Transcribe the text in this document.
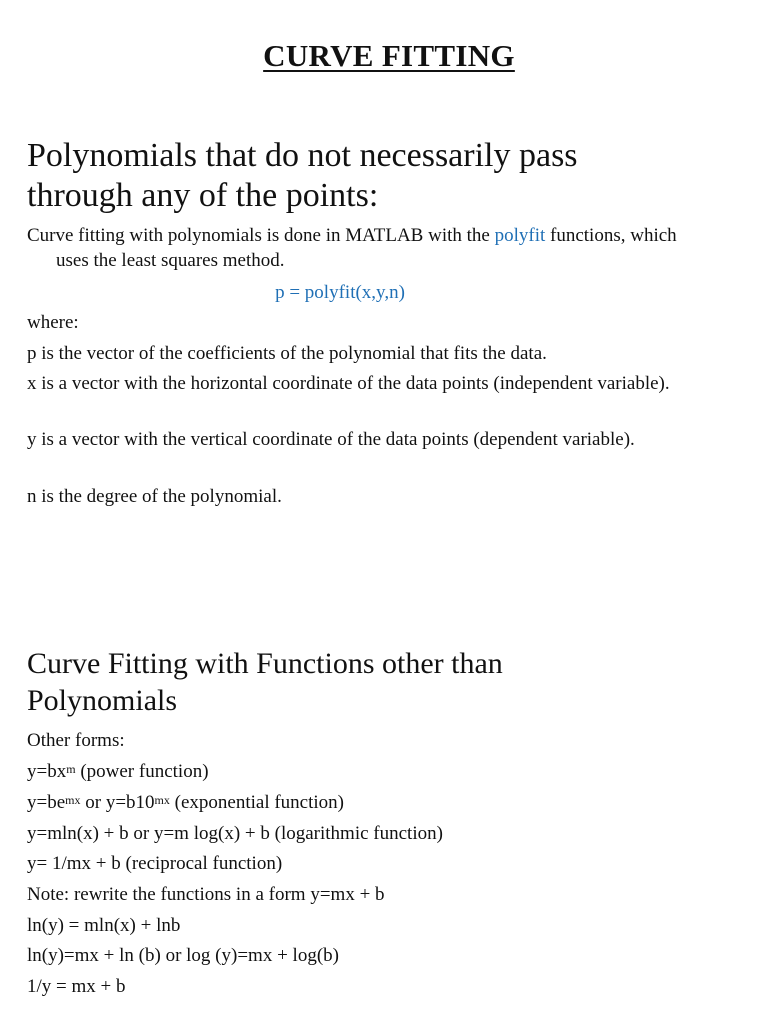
CURVE FITTING
Polynomials that do not necessarily pass
through any of the points:
Curve fitting with polynomials is done in MATLAB with the polyfit functions, which uses the least squares method.
p = polyfit(x,y,n)
where:
p is the vector of the coefficients of the polynomial that fits the data.
x is a vector with the horizontal coordinate of the data points (independent variable).
y is a vector with the vertical coordinate of the data points (dependent variable).
n is the degree of the polynomial.
Curve Fitting with Functions other than
Polynomials
Other forms:
$y=bx^m$ (power function)
$y=be^{mx}$ or $y=b10^{mx}$ (exponential function)
y=mln(x) + b or y=m log(x) + b (logarithmic function)
y= 1/mx + b (reciprocal function)
Note: rewrite the functions in a form y=mx + b
ln(y) = mln(x) + lnb
ln(y)=mx + ln (b) or log (y)=mx + log(b)
1/y = mx + b
